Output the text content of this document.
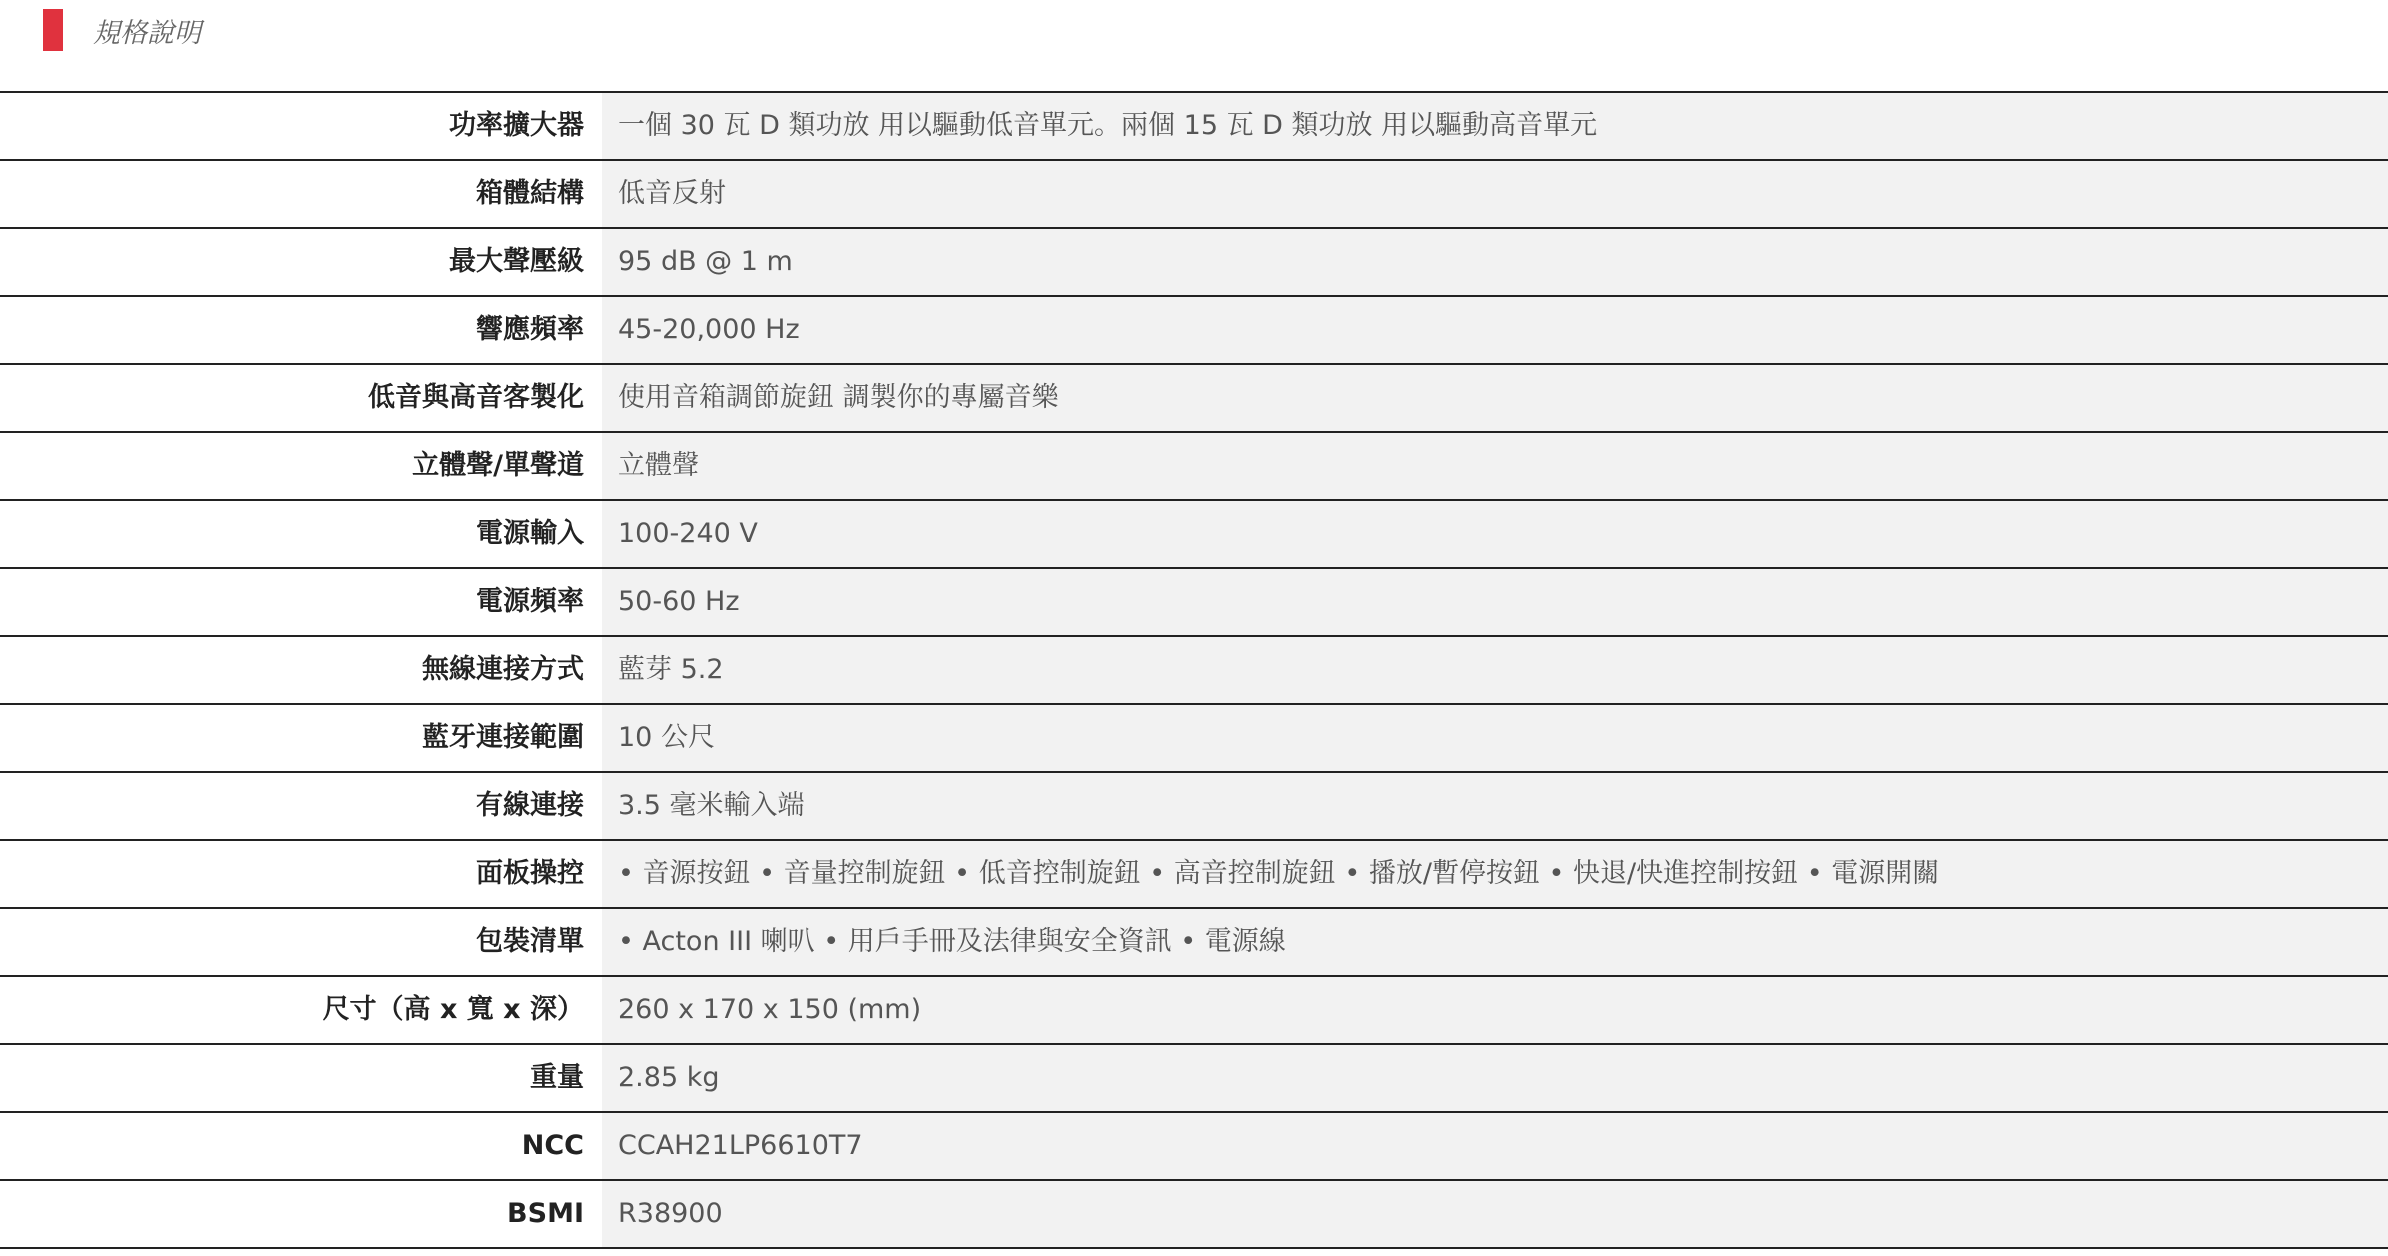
規格說明
功率擴大器	一個 30 瓦 D 類功放 用以驅動低音單元。兩個 15 瓦 D 類功放 用以驅動高音單元
箱體結構	低音反射
最大聲壓級	95 dB @ 1 m
響應頻率	45-20,000 Hz
低音與高音客製化	使用音箱調節旋鈕 調製你的專屬音樂
立體聲/單聲道	立體聲
電源輸入	100-240 V
電源頻率	50-60 Hz
無線連接方式	藍芽 5.2
藍牙連接範圍	10 公尺
有線連接	3.5 毫米輸入端
面板操控	• 音源按鈕 • 音量控制旋鈕 • 低音控制旋鈕 • 高音控制旋鈕 • 播放/暫停按鈕 • 快退/快進控制按鈕 • 電源開關
包裝清單	• Acton III 喇叭 • 用戶手冊及法律與安全資訊 • 電源線
尺寸（高 x 寬 x 深）	260 x 170 x 150 (mm)
重量	2.85 kg
NCC	CCAH21LP6610T7
BSMI	R38900
